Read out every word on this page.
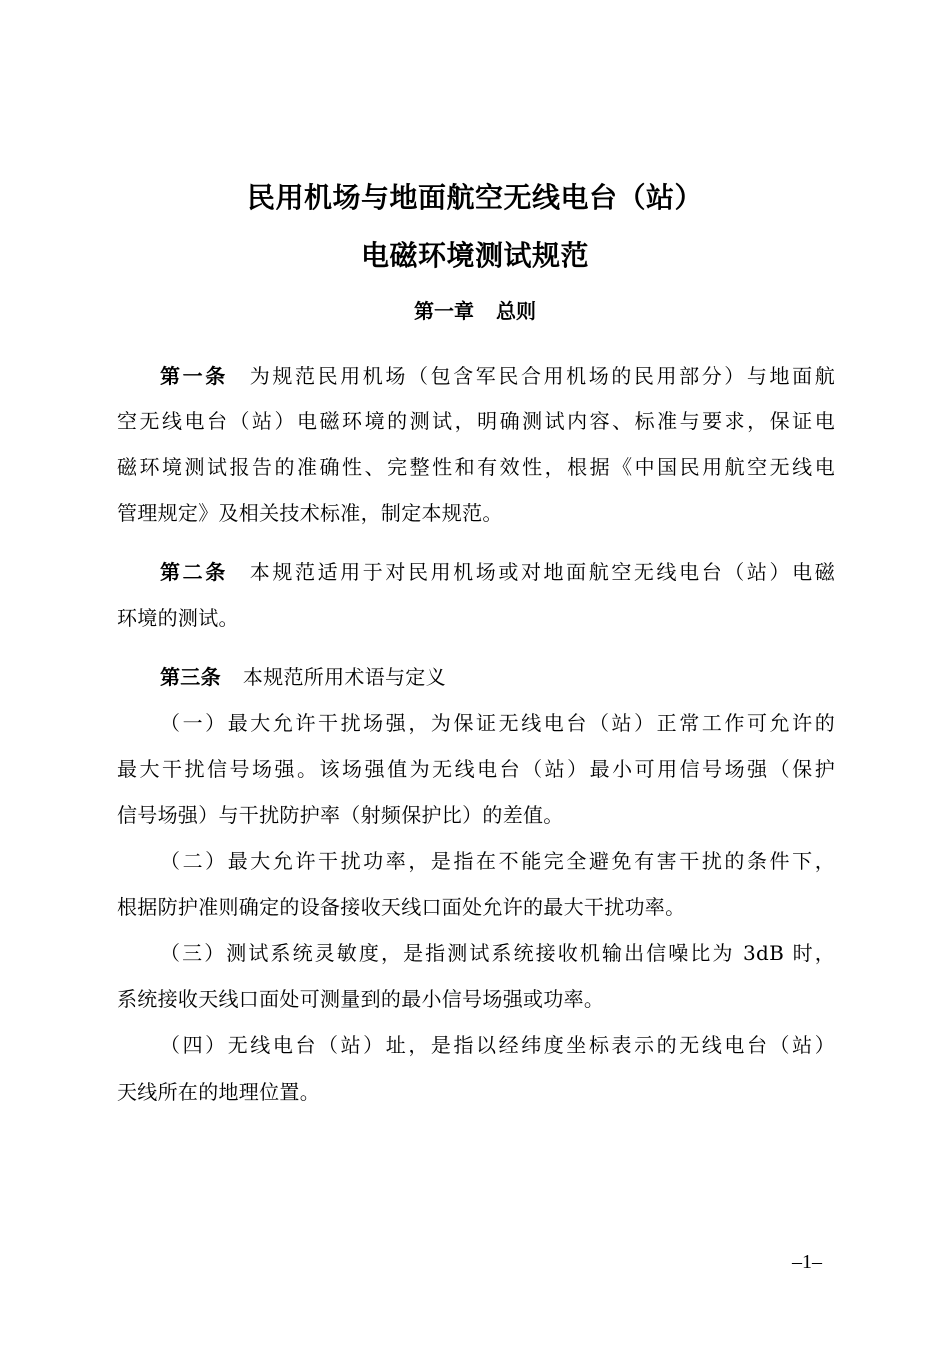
民用机场与地面航空无线电台（站）
电磁环境测试规范
第一章 总则
第一条 为规范民用机场（包含军民合用机场的民用部分）与地面航
空无线电台（站）电磁环境的测试，明确测试内容、标准与要求，保证电
磁环境测试报告的准确性、完整性和有效性，根据《中国民用航空无线电
管理规定》及相关技术标准，制定本规范。
第二条 本规范适用于对民用机场或对地面航空无线电台（站）电磁
环境的测试。
第三条 本规范所用术语与定义
（一）最大允许干扰场强，为保证无线电台（站）正常工作可允许的
最大干扰信号场强。该场强值为无线电台（站）最小可用信号场强（保护
信号场强）与干扰防护率（射频保护比）的差值。
（二）最大允许干扰功率，是指在不能完全避免有害干扰的条件下，
根据防护准则确定的设备接收天线口面处允许的最大干扰功率。
（三）测试系统灵敏度，是指测试系统接收机输出信噪比为 3dB 时，
系统接收天线口面处可测量到的最小信号场强或功率。
（四）无线电台（站）址，是指以经纬度坐标表示的无线电台（站）
天线所在的地理位置。
–1–
